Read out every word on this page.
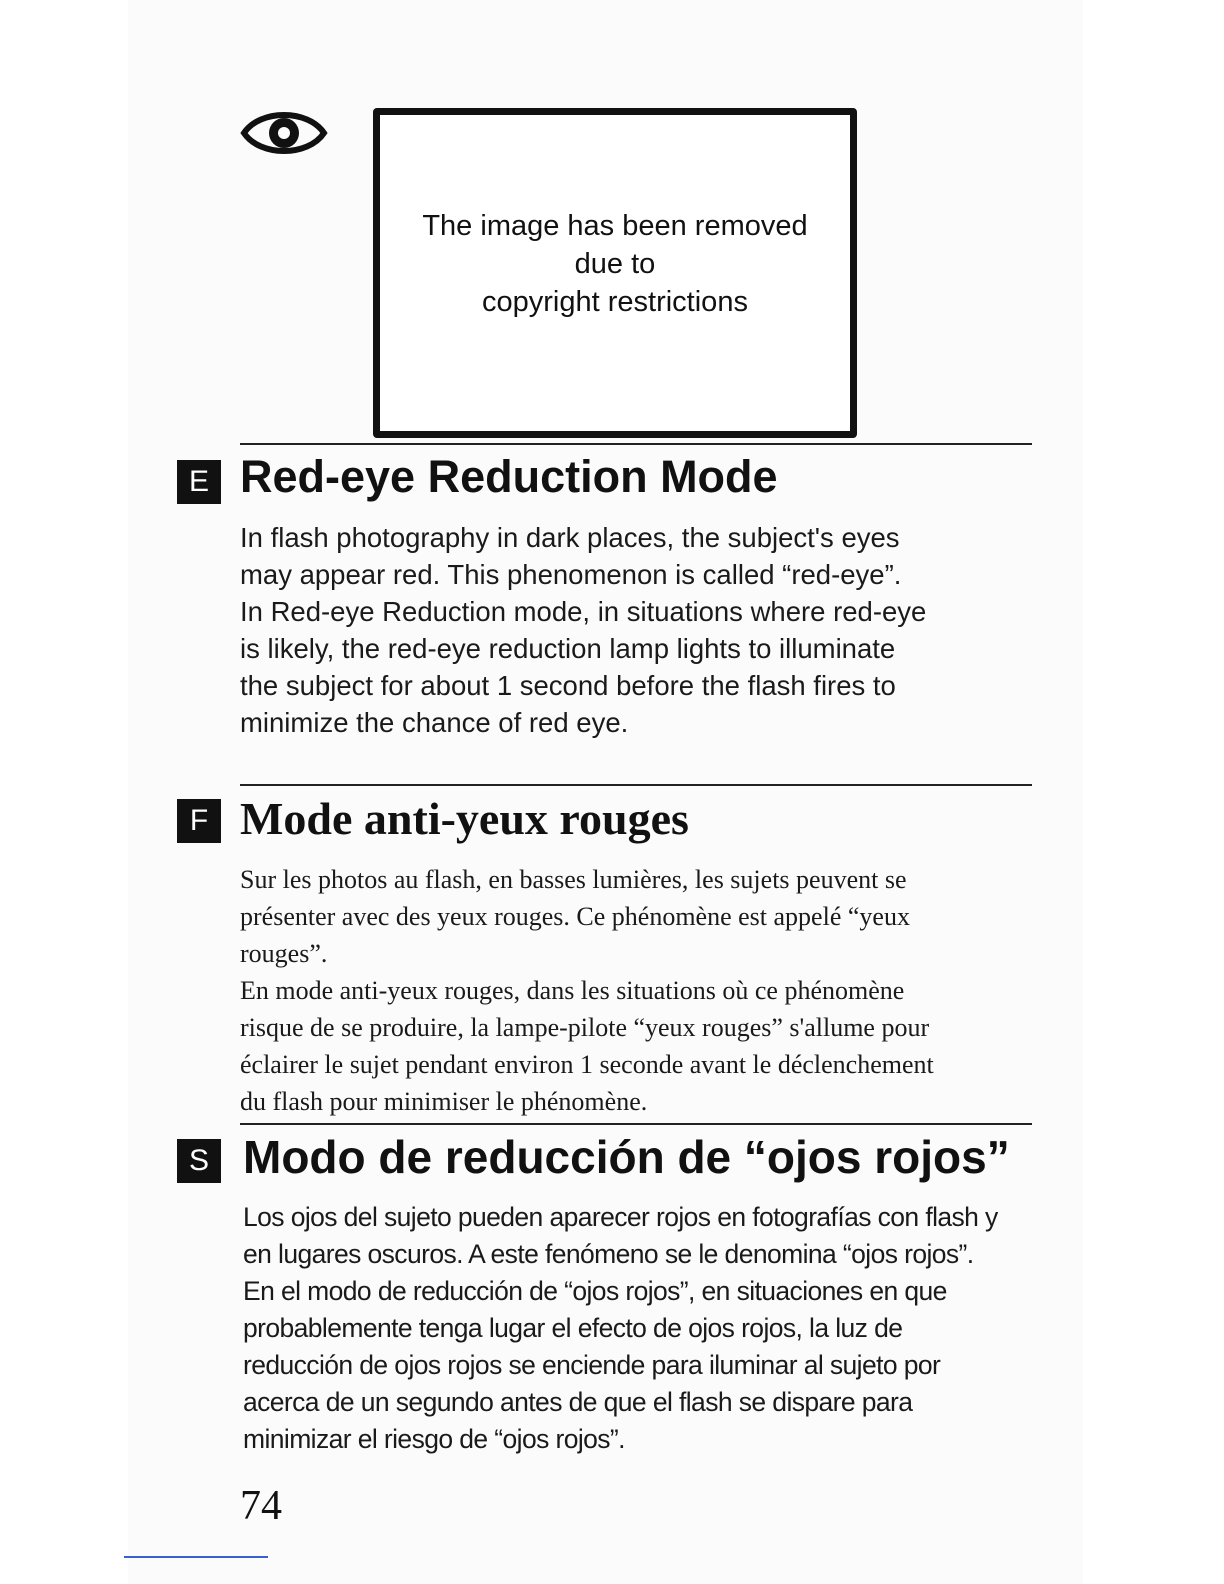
The image has been removed
due to
copyright restrictions
E Red-eye Reduction Mode

In flash photography in dark places, the subject's eyes
may appear red. This phenomenon is called “red-eye”.
In Red-eye Reduction mode, in situations where red-eye
is likely, the red-eye reduction lamp lights to illuminate
the subject for about 1 second before the flash fires to
minimize the chance of red eye.

F Mode anti-yeux rouges

Sur les photos au flash, en basses lumières, les sujets peuvent se
présenter avec des yeux rouges. Ce phénomène est appelé “yeux
rouges”.
En mode anti-yeux rouges, dans les situations où ce phénomène
risque de se produire, la lampe-pilote “yeux rouges” s'allume pour
éclairer le sujet pendant environ 1 seconde avant le déclenchement
du flash pour minimiser le phénomène.

S Modo de reducción de “ojos rojos”

Los ojos del sujeto pueden aparecer rojos en fotografías con flash y
en lugares oscuros. A este fenómeno se le denomina “ojos rojos”.
En el modo de reducción de “ojos rojos”, en situaciones en que
probablemente tenga lugar el efecto de ojos rojos, la luz de
reducción de ojos rojos se enciende para iluminar al sujeto por
acerca de un segundo antes de que el flash se dispare para
minimizar el riesgo de “ojos rojos”.

74
